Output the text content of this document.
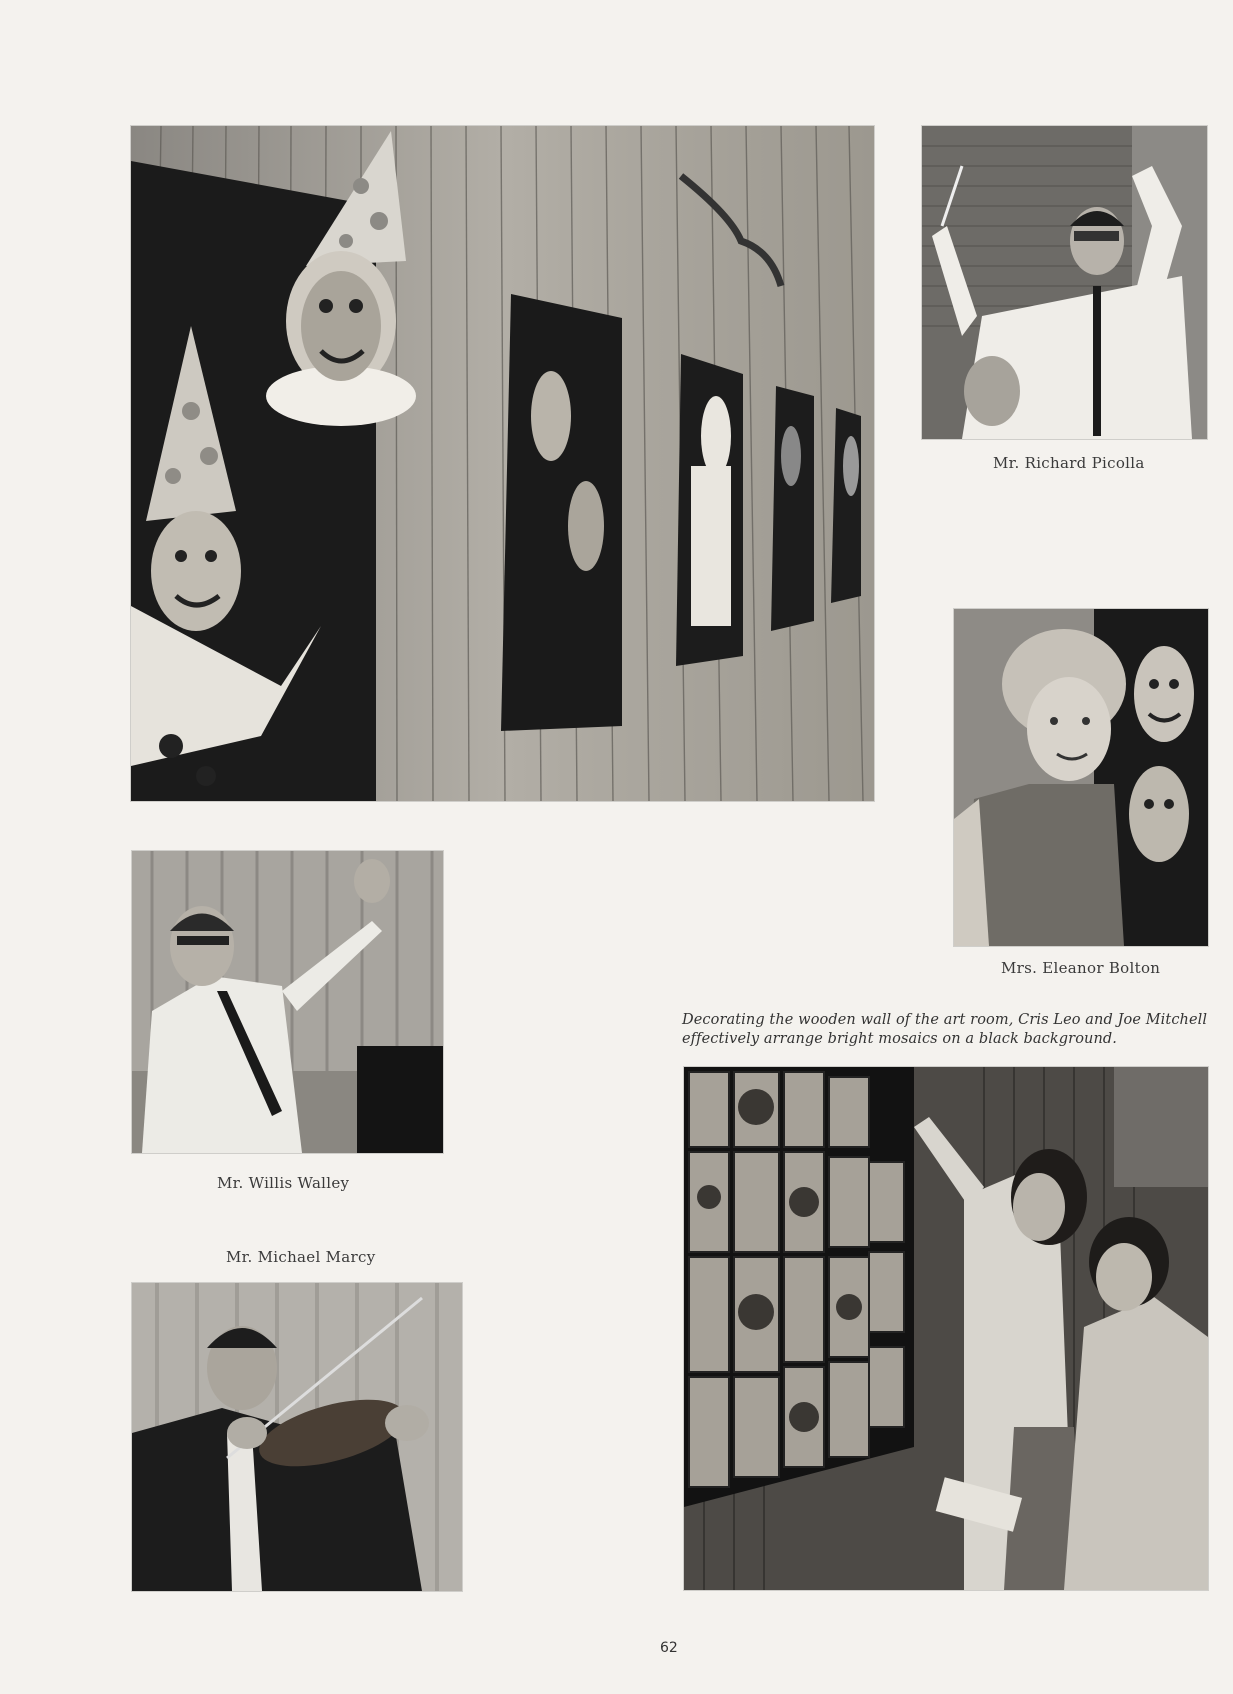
Mr. Richard Picolla
Mrs. Eleanor Bolton
Mr. Willis Walley
Mr. Michael Marcy
Decorating the wooden wall of the art room, Cris Leo and Joe Mitchell
effectively arrange bright mosaics on a black background.
62
